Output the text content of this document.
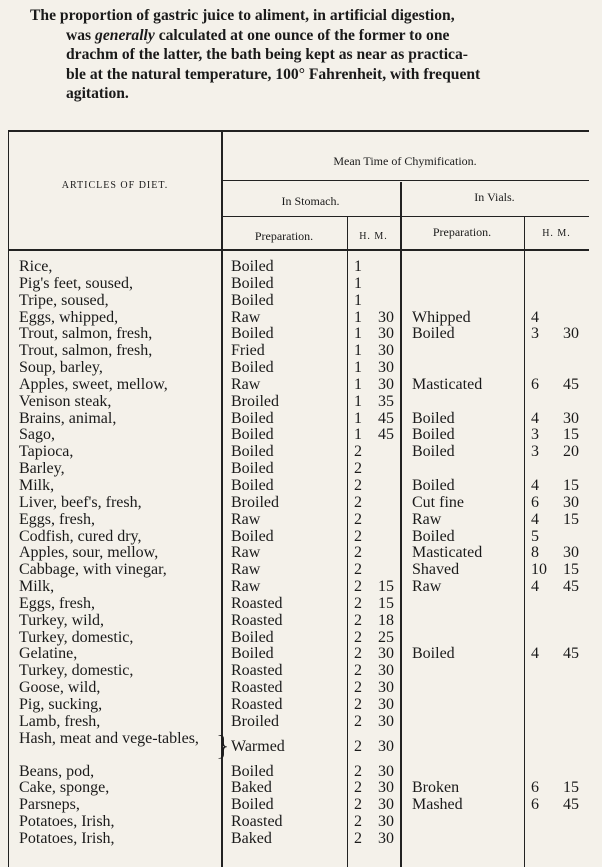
The proportion of gastric juice to aliment, in artificial digestion,
was generally calculated at one ounce of the former to one
drachm of the latter, the bath being kept as near as practica-
ble at the natural temperature, 100° Fahrenheit, with frequent
agitation.
ARTICLES OF DIET.
Mean Time of Chymification.
In Stomach.	In Vials.
Preparation.	H. M.	Preparation.	H. M.
Rice,	Boiled	1
Pig's feet, soused,	Boiled	1
Tripe, soused,	Boiled	1
Eggs, whipped,	Raw	1	30 Whipped	4
Trout, salmon, fresh,	Boiled	1	30 Boiled	3	30
Trout, salmon, fresh,	Fried	1	30
Soup, barley,	Boiled	1	30
Apples, sweet, mellow,	Raw	1	30 Masticated	6	45
Venison steak,	Broiled	1	35
Brains, animal,	Boiled	1	45 Boiled	4	30
Sago,	Boiled	1	45 Boiled	3	15
Tapioca,	Boiled	2	Boiled	3	20
Barley,	Boiled	2
Milk,	Boiled	2	Boiled	4	15
Liver, beef's, fresh,	Broiled	2	Cut fine	6	30
Eggs, fresh,	Raw	2	Raw	4	15
Codfish, cured dry,	Boiled	2	Boiled	5
Apples, sour, mellow,	Raw	2	Masticated	8	30
Cabbage, with vinegar,	Raw	2	Shaved	10	15
Milk,	Raw	2	15 Raw	4	45
Eggs, fresh,	Roasted	2	15
Turkey, wild,	Roasted	2	18
Turkey, domestic,	Boiled	2	25
Gelatine,	Boiled	2	30 Boiled	4	45
Turkey, domestic,	Roasted	2	30
Goose, wild,	Roasted	2	30
Pig, sucking,	Roasted	2	30
Lamb, fresh,	Broiled	2	30
Hash, meat and vege-tables,	Warmed	2	30
}
Beans, pod,	Boiled	2	30
Cake, sponge,	Baked	2	30 Broken	6	15
Parsneps,	Boiled	2	30 Mashed	6	45
Potatoes, Irish,	Roasted	2	30
Potatoes, Irish,	Baked	2	30
